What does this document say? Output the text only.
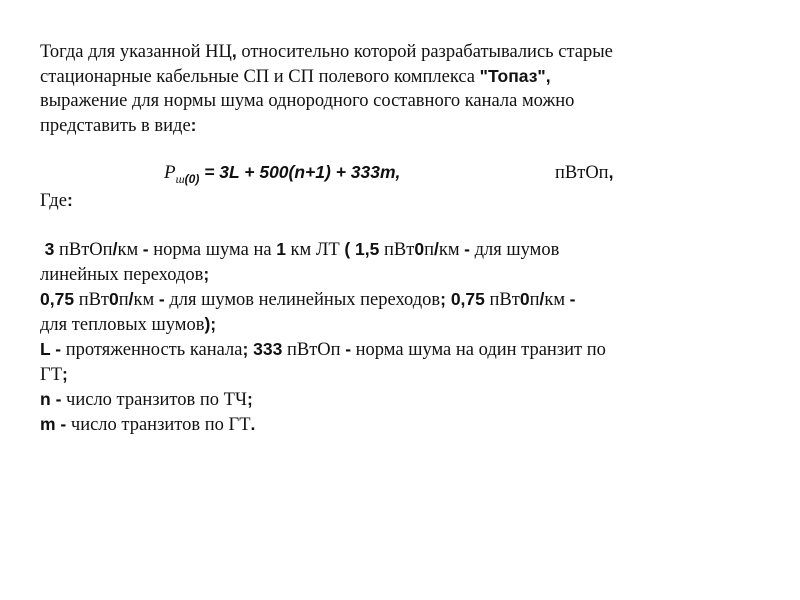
Тогда для указанной НЦ, относительно которой разрабатывались старые
стационарные кабельные СП и СП полевого комплекса "Топаз",
выражение для нормы шума однородного составного канала можно
представить в виде:

$P_{ш(0)} = 3L + 500(n+1) + 333m$,	пВтОп,

Где:

3 пВтОп/км - норма шума на 1 км ЛТ ( 1,5 пВт0п/км - для шумов
линейных переходов;

0,75 пВт0п/км - для шумов нелинейных переходов; 0,75 пВт0п/км -
для тепловых шумов);

L - протяженность канала; 333 пВтОп - норма шума на один транзит по
ГТ;

n - число транзитов по ТЧ;

m - число транзитов по ГТ.
